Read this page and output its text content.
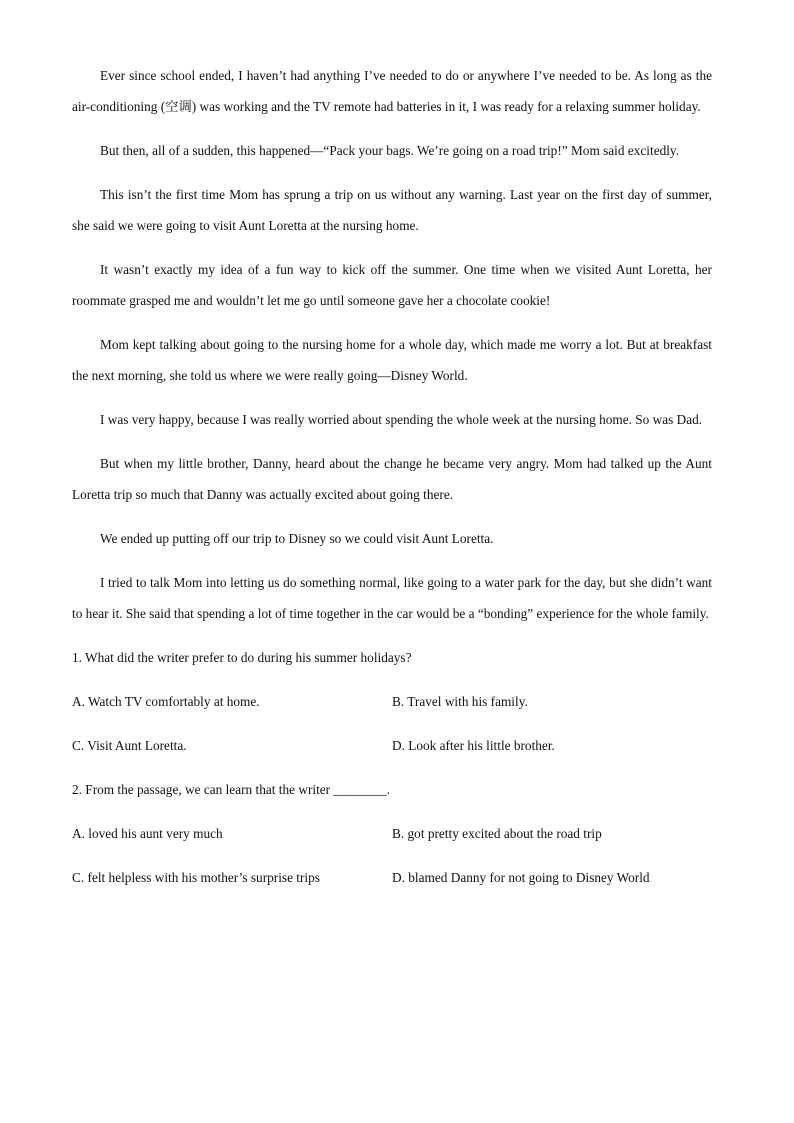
Ever since school ended, I haven’t had anything I’ve needed to do or anywhere I’ve needed to be. As long as the air-conditioning (空调) was working and the TV remote had batteries in it, I was ready for a relaxing summer holiday.

But then, all of a sudden, this happened—“Pack your bags. We’re going on a road trip!” Mom said excitedly.

This isn’t the first time Mom has sprung a trip on us without any warning. Last year on the first day of summer, she said we were going to visit Aunt Loretta at the nursing home.

It wasn’t exactly my idea of a fun way to kick off the summer. One time when we visited Aunt Loretta, her roommate grasped me and wouldn’t let me go until someone gave her a chocolate cookie!

Mom kept talking about going to the nursing home for a whole day, which made me worry a lot. But at breakfast the next morning, she told us where we were really going—Disney World.

I was very happy, because I was really worried about spending the whole week at the nursing home. So was Dad.

But when my little brother, Danny, heard about the change he became very angry. Mom had talked up the Aunt Loretta trip so much that Danny was actually excited about going there.

We ended up putting off our trip to Disney so we could visit Aunt Loretta.

I tried to talk Mom into letting us do something normal, like going to a water park for the day, but she didn’t want to hear it. She said that spending a lot of time together in the car would be a “bonding” experience for the whole family.

1. What did the writer prefer to do during his summer holidays?
A. Watch TV comfortably at home.	B. Travel with his family.
C. Visit Aunt Loretta.	D. Look after his little brother.
2. From the passage, we can learn that the writer ________.
A. loved his aunt very much	B. got pretty excited about the road trip
C. felt helpless with his mother’s surprise trips	D. blamed Danny for not going to Disney World
